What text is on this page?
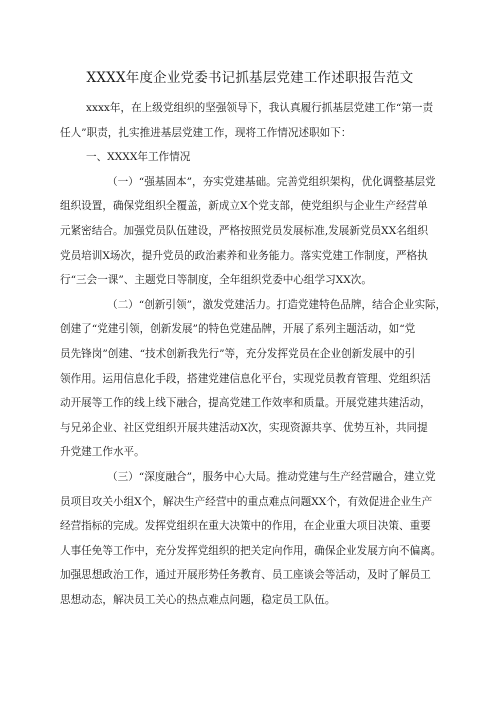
XXXX年度企业党委书记抓基层党建工作述职报告范文
xxxx年，在上级党组织的坚强领导下，我认真履行抓基层党建工作“第一责
任人”职责，扎实推进基层党建工作，现将工作情况述职如下：
一、XXXX年工作情况
（一）“强基固本”，夯实党建基础。完善党组织架构，优化调整基层党
组织设置，确保党组织全覆盖，新成立X个党支部，使党组织与企业生产经营单
元紧密结合。加强党员队伍建设，严格按照党员发展标准,发展新党员XX名组织
党员培训X场次，提升党员的政治素养和业务能力。落实党建工作制度，严格执
行“三会一课”、主题党日等制度，全年组织党委中心组学习XX次。
（二）“创新引领”，激发党建活力。打造党建特色品牌，结合企业实际，
创建了“党建引领，创新发展”的特色党建品牌，开展了系列主题活动，如“党
员先锋岗”创建、“技术创新我先行”等，充分发挥党员在企业创新发展中的引
领作用。运用信息化手段，搭建党建信息化平台，实现党员教育管理、党组织活
动开展等工作的线上线下融合，提高党建工作效率和质量。开展党建共建活动，
与兄弟企业、社区党组织开展共建活动X次，实现资源共享、优势互补，共同提
升党建工作水平。
（三）“深度融合”，服务中心大局。推动党建与生产经营融合，建立党
员项目攻关小组X个，解决生产经营中的重点难点问题XX个，有效促进企业生产
经营指标的完成。发挥党组织在重大决策中的作用，在企业重大项目决策、重要
人事任免等工作中，充分发挥党组织的把关定向作用，确保企业发展方向不偏离。
加强思想政治工作，通过开展形势任务教育、员工座谈会等活动，及时了解员工
思想动态，解决员工关心的热点难点问题，稳定员工队伍。
